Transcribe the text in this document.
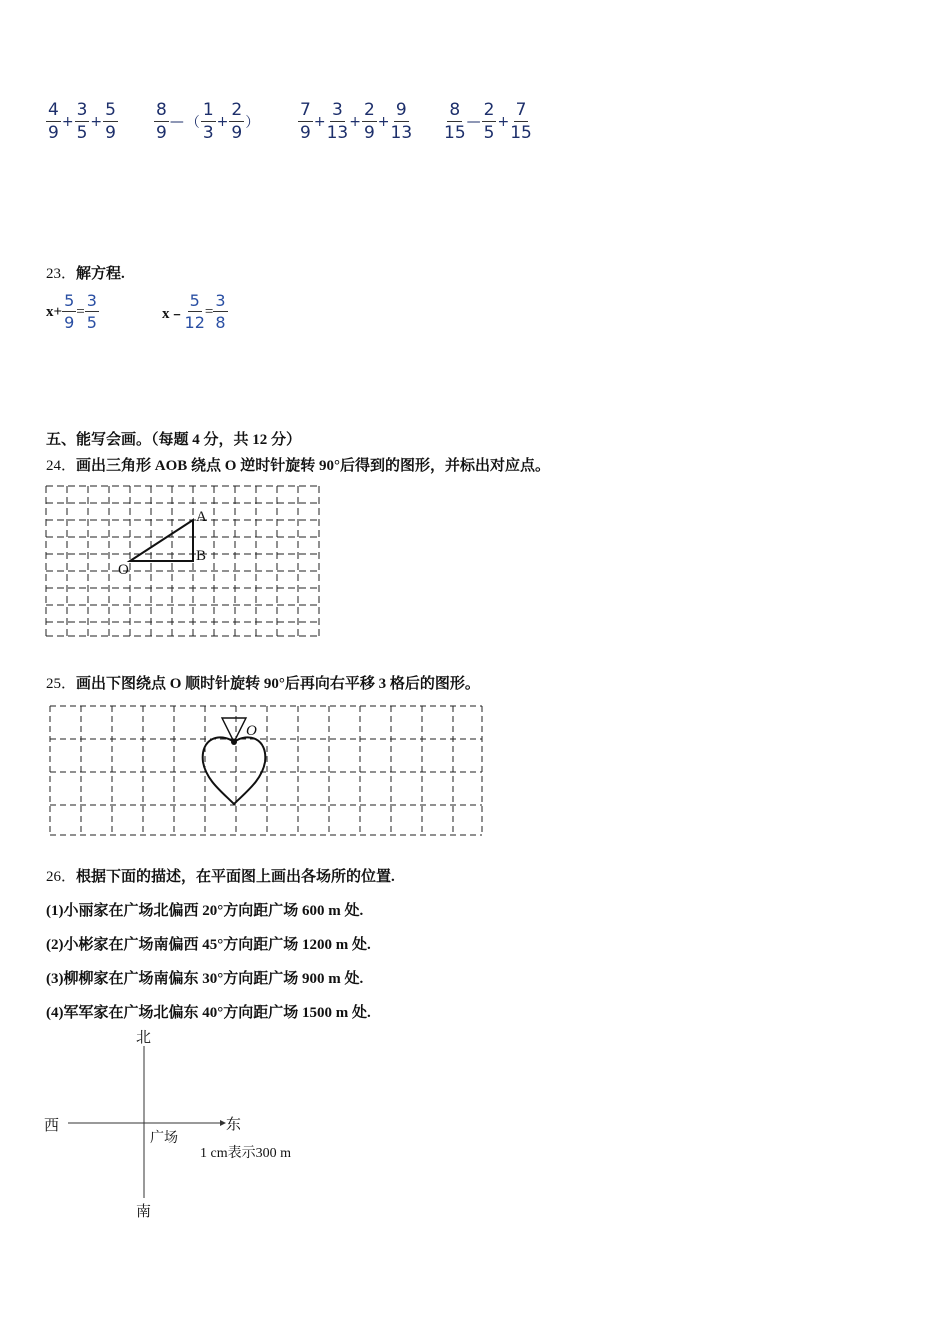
$\frac{4}{9} + \frac{3}{5} + \frac{5}{9} \frac{8}{9}$ — （ $\frac{1}{3} + \frac{2}{9}$ ） $\frac{7}{9} + \frac{3}{13} + \frac{2}{9} + \frac{9}{13} \frac{8}{15}$ — $\frac{2}{5} + \frac{7}{15}$
23．解方程.
$x+ \frac{5}{9} = \frac{3}{5}$	x﹣ $\frac{5}{12} = \frac{3}{8}$
五、能写会画。（每题 4 分，共 12 分）
24．画出三角形 AOB 绕点 O 逆时针旋转 90°后得到的图形，并标出对应点。
A
B
O
25．画出下图绕点 O 顺时针旋转 90°后再向右平移 3 格后的图形。
O
26．根据下面的描述，在平面图上画出各场所的位置.
(1)小丽家在广场北偏西 20°方向距广场 600 m 处.
(2)小彬家在广场南偏西 45°方向距广场 1200 m 处.
(3)柳柳家在广场南偏东 30°方向距广场 900 m 处.
(4)军军家在广场北偏东 40°方向距广场 1500 m 处.
北
南
西	东
广场
1 cm表示300 m
